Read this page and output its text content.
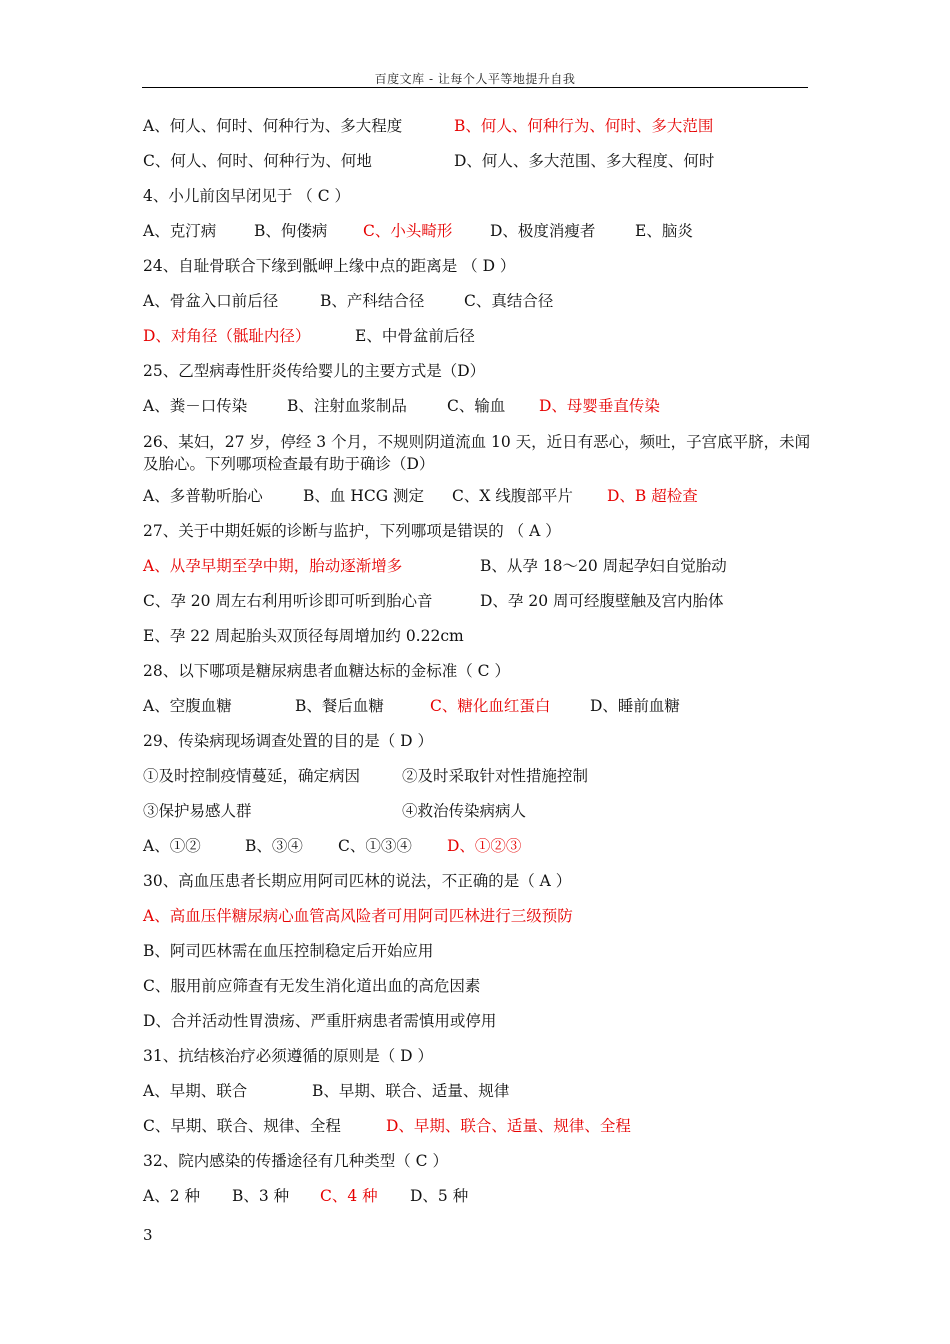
百度文库 - 让每个人平等地提升自我

A、何人、何时、何种行为、多大程度

	B、何人、何种行为、何时、多大范围

C、何人、何时、何种行为、何地

	D、何人、多大范围、多大程度、何时

4、小儿前囟早闭见于 （ C ）

A、克汀病

B、佝偻病

C、小头畸形

D、极度消瘦者

	E、脑炎

24、自耻骨联合下缘到骶岬上缘中点的距离是 （ D ）

A、骨盆入口前后径

	B、产科结合径

	C、真结合径

D、对角径（骶耻内径）

	E、中骨盆前后径

25、乙型病毒性肝炎传给婴儿的主要方式是（D）

A、粪－口传染

	B、注射血浆制品

	C、输血

D、母婴垂直传染

26、某妇，27 岁，停经 3 个月，不规则阴道流血 10 天，近日有恶心，频吐，子宫底平脐，未闻及胎心。下列哪项检查最有助于确诊（D）

A、多普勒听胎心

	B、血 HCG 测定

C、X 线腹部平片

D、B 超检查

27、关于中期妊娠的诊断与监护，下列哪项是错误的 （ A ）

A、从孕早期至孕中期，胎动逐渐增多

	B、从孕 18～20 周起孕妇自觉胎动

C、孕 20 周左右利用听诊即可听到胎心音

	D、孕 20 周可经腹壁触及宫内胎体

E、孕 22 周起胎头双顶径每周增加约 0.22cm
28、以下哪项是糖尿病患者血糖达标的金标准（ C ）

A、空腹血糖

	B、餐后血糖

	C、糖化血红蛋白

	D、睡前血糖

29、传染病现场调查处置的目的是（ D ）

①及时控制疫情蔓延，确定病因

	②及时采取针对性措施控制

③保护易感人群

	④救治传染病病人

A、①②

	B、③④

C、①③④

D、①②③

30、高血压患者长期应用阿司匹林的说法，不正确的是（ A ）
A、高血压伴糖尿病心血管高风险者可用阿司匹林进行三级预防
B、阿司匹林需在血压控制稳定后开始应用
C、服用前应筛查有无发生消化道出血的高危因素
D、合并活动性胃溃疡、严重肝病患者需慎用或停用
31、抗结核治疗必须遵循的原则是（ D ）

A、早期、联合

	B、早期、联合、适量、规律

C、早期、联合、规律、全程

	D、早期、联合、适量、规律、全程

32、院内感染的传播途径有几种类型（ C ）

A、2 种

B、3 种

C、4 种

D、5 种

3
